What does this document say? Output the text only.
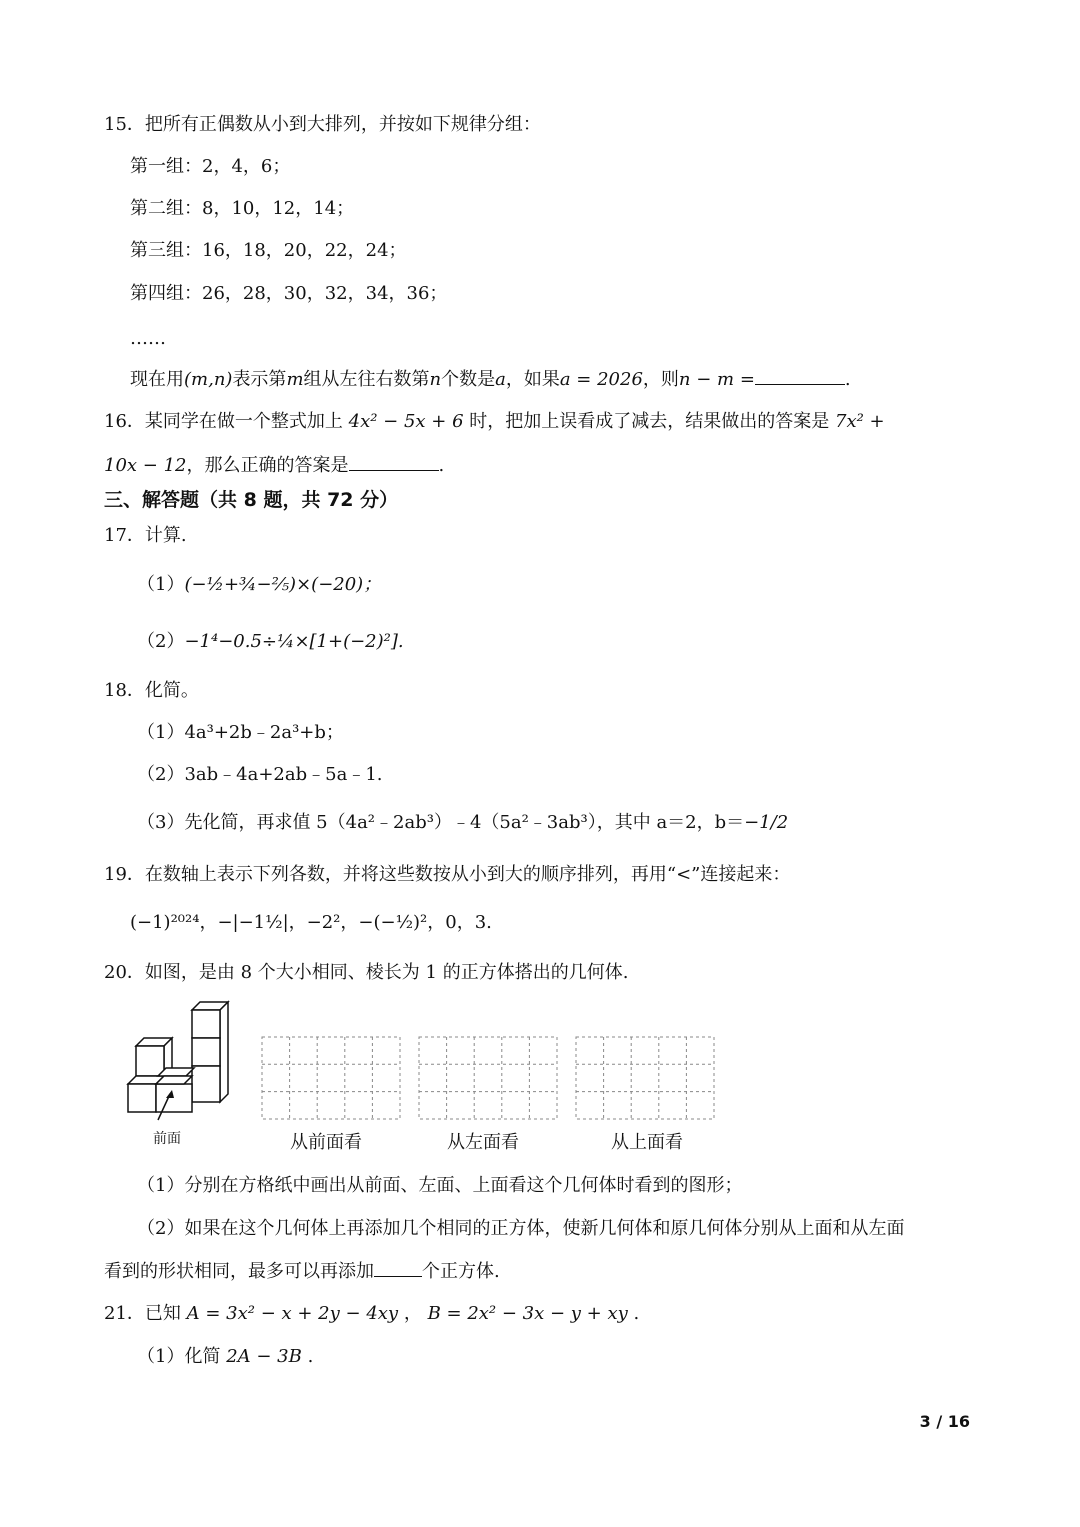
15．把所有正偶数从小到大排列，并按如下规律分组：
第一组：2，4，6；
第二组：8，10，12，14；
第三组：16，18，20，22，24；
第四组：26，28，30，32，34，36；
……
现在用(m,n)表示第m组从左往右数第n个数是a，如果a = 2026，则n − m =	.
16．某同学在做一个整式加上 4x² − 5x + 6 时，把加上误看成了减去，结果做出的答案是 7x² +
10x − 12，那么正确的答案是	.
三、解答题（共 8 题，共 72 分）
17．计算.
（1）(−½+¾−⅖)×(−20)；
（2）−1⁴−0.5÷¼×[1+(−2)²].
18．化简。
（1）4a³+2b﹣2a³+b；
（2）3ab﹣4a+2ab﹣5a﹣1.
（3）先化简，再求值 5（4a²﹣2ab³）﹣4（5a²﹣3ab³），其中 a＝2，b＝−1/2
19．在数轴上表示下列各数，并将这些数按从小到大的顺序排列，再用“<”连接起来：
(−1)²⁰²⁴，−|−1½|，−2²，−(−½)²，0，3.
20．如图，是由 8 个大小相同、棱长为 1 的正方体搭出的几何体.
前面	从前面看	从左面看	从上面看
（1）分别在方格纸中画出从前面、左面、上面看这个几何体时看到的图形；
（2）如果在这个几何体上再添加几个相同的正方体，使新几何体和原几何体分别从上面和从左面
看到的形状相同，最多可以再添加	个正方体.
21．已知 A = 3x² − x + 2y − 4xy ， B = 2x² − 3x − y + xy .
（1）化简 2A − 3B .
3 / 16
